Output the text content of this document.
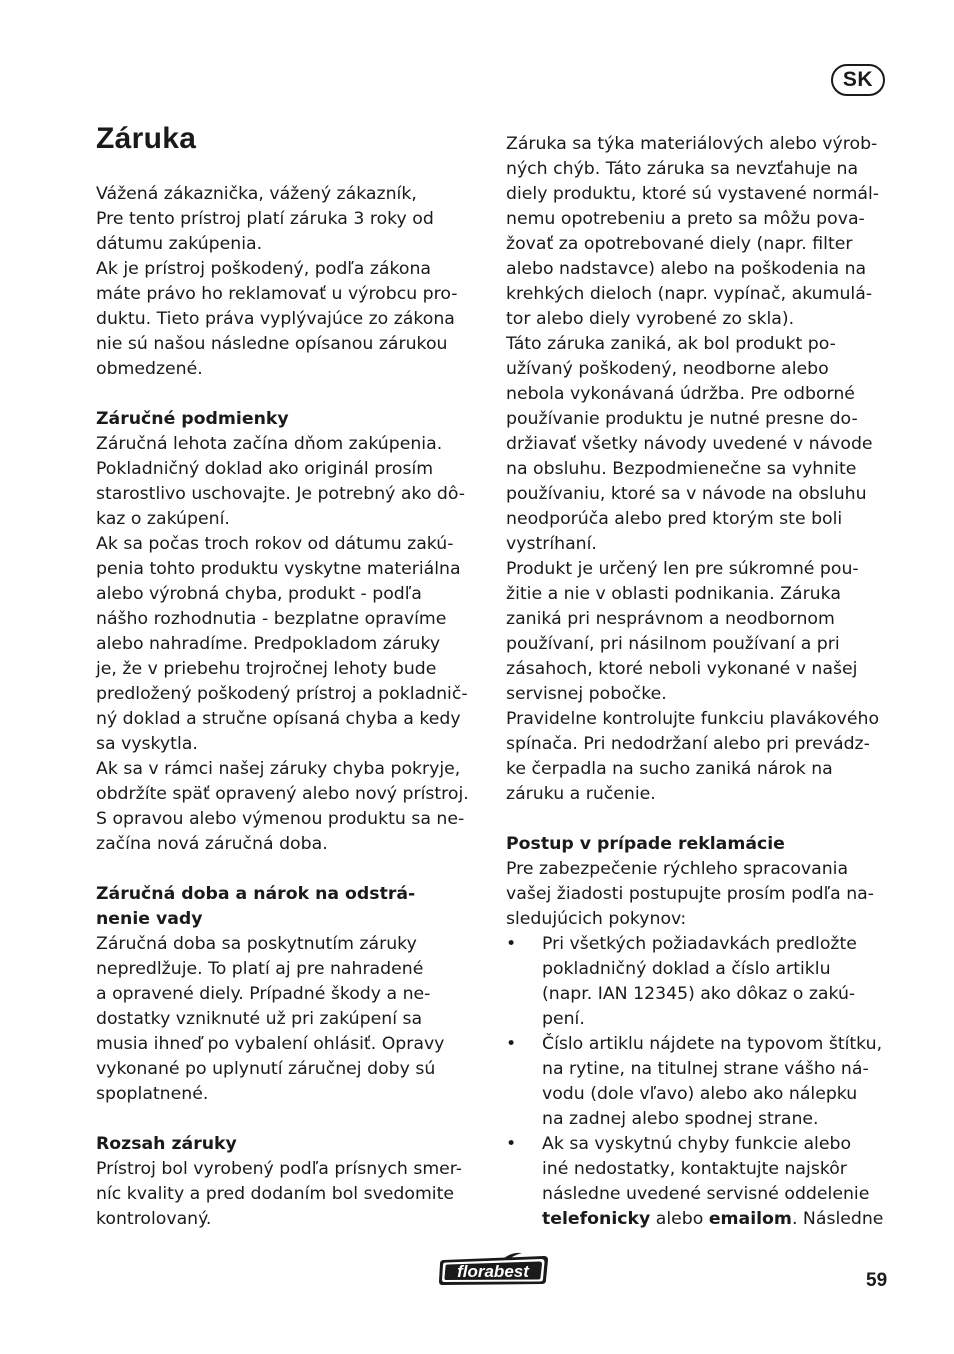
SK
Záruka
Vážená zákaznička, vážený zákazník,
Pre tento prístroj platí záruka 3 roky od
dátumu zakúpenia.
Ak je prístroj poškodený, podľa zákona
máte právo ho reklamovať u výrobcu pro-
duktu. Tieto práva vyplývajúce zo zákona
nie sú našou následne opísanou zárukou
obmedzené.
Záručné podmienky
Záručná lehota začína dňom zakúpenia.
Pokladničný doklad ako originál prosím
starostlivo uschovajte. Je potrebný ako dô-
kaz o zakúpení.
Ak sa počas troch rokov od dátumu zakú-
penia tohto produktu vyskytne materiálna
alebo výrobná chyba, produkt - podľa
nášho rozhodnutia - bezplatne opravíme
alebo nahradíme. Predpokladom záruky
je, že v priebehu trojročnej lehoty bude
predložený poškodený prístroj a pokladnič-
ný doklad a stručne opísaná chyba a kedy
sa vyskytla.
Ak sa v rámci našej záruky chyba pokryje,
obdržíte späť opravený alebo nový prístroj.
S opravou alebo výmenou produktu sa ne-
začína nová záručná doba.
Záručná doba a nárok na odstrá-
nenie vady
Záručná doba sa poskytnutím záruky
nepredlžuje. To platí aj pre nahradené
a opravené diely. Prípadné škody a ne-
dostatky vzniknuté už pri zakúpení sa
musia ihneď po vybalení ohlásiť. Opravy
vykonané po uplynutí záručnej doby sú
spoplatnené.
Rozsah záruky
Prístroj bol vyrobený podľa prísnych smer-
níc kvality a pred dodaním bol svedomite
kontrolovaný.
Záruka sa týka materiálových alebo výrob-
ných chýb. Táto záruka sa nevzťahuje na
diely produktu, ktoré sú vystavené normál-
nemu opotrebeniu a preto sa môžu pova-
žovať za opotrebované diely (napr. filter
alebo nadstavce) alebo na poškodenia na
krehkých dieloch (napr. vypínač, akumulá-
tor alebo diely vyrobené zo skla).
Táto záruka zaniká, ak bol produkt po-
užívaný poškodený, neodborne alebo
nebola vykonávaná údržba. Pre odborné
používanie produktu je nutné presne do-
držiavať všetky návody uvedené v návode
na obsluhu. Bezpodmienečne sa vyhnite
používaniu, ktoré sa v návode na obsluhu
neodporúča alebo pred ktorým ste boli
vystríhaní.
Produkt je určený len pre súkromné pou-
žitie a nie v oblasti podnikania. Záruka
zaniká pri nesprávnom a neodbornom
používaní, pri násilnom používaní a pri
zásahoch, ktoré neboli vykonané v našej
servisnej pobočke.
Pravidelne kontrolujte funkciu plavákového
spínača. Pri nedodržaní alebo pri prevádz-
ke čerpadla na sucho zaniká nárok na
záruku a ručenie.
Postup v prípade reklamácie
Pre zabezpečenie rýchleho spracovania
vašej žiadosti postupujte prosím podľa na-
sledujúcich pokynov:
• Pri všetkých požiadavkách predložte
pokladničný doklad a číslo artiklu
(napr. IAN 12345) ako dôkaz o zakú-
pení.
• Číslo artiklu nájdete na typovom štítku,
na rytine, na titulnej strane vášho ná-
vodu (dole vľavo) alebo ako nálepku
na zadnej alebo spodnej strane.
• Ak sa vyskytnú chyby funkcie alebo
iné nedostatky, kontaktujte najskôr
následne uvedené servisné oddelenie
telefonicky alebo emailom. Následne
florabest	59
